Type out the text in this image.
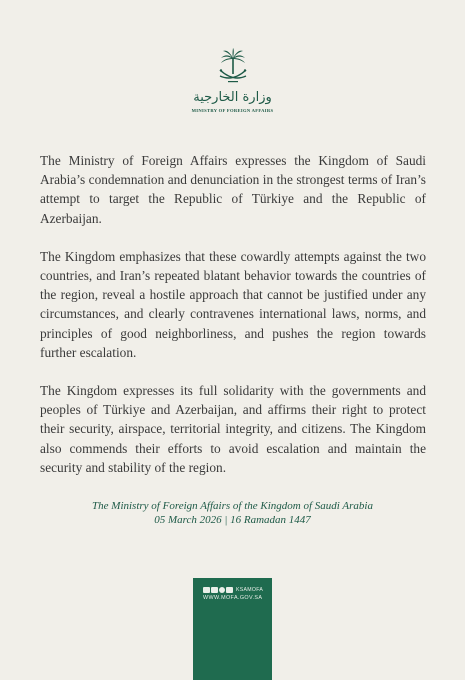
وزارة الخارجية
MINISTRY OF FOREIGN AFFAIRS

The Ministry of Foreign Affairs expresses the Kingdom of Saudi Arabia’s condemnation and denunciation in the strongest terms of Iran’s attempt to target the Republic of Türkiye and the Republic of Azerbaijan.

The Kingdom emphasizes that these cowardly attempts against the two countries, and Iran’s repeated blatant behavior towards the countries of the region, reveal a hostile approach that cannot be justified under any circumstances, and clearly contravenes international laws, norms, and principles of good neighborliness, and pushes the region towards further escalation.

The Kingdom expresses its full solidarity with the governments and peoples of Türkiye and Azerbaijan, and affirms their right to protect their security, airspace, territorial integrity, and citizens. The Kingdom also commends their efforts to avoid escalation and maintain the security and stability of the region.

The Ministry of Foreign Affairs of the Kingdom of Saudi Arabia
05 March 2026 | 16 Ramadan 1447
KSAMOFA
WWW.MOFA.GOV.SA
